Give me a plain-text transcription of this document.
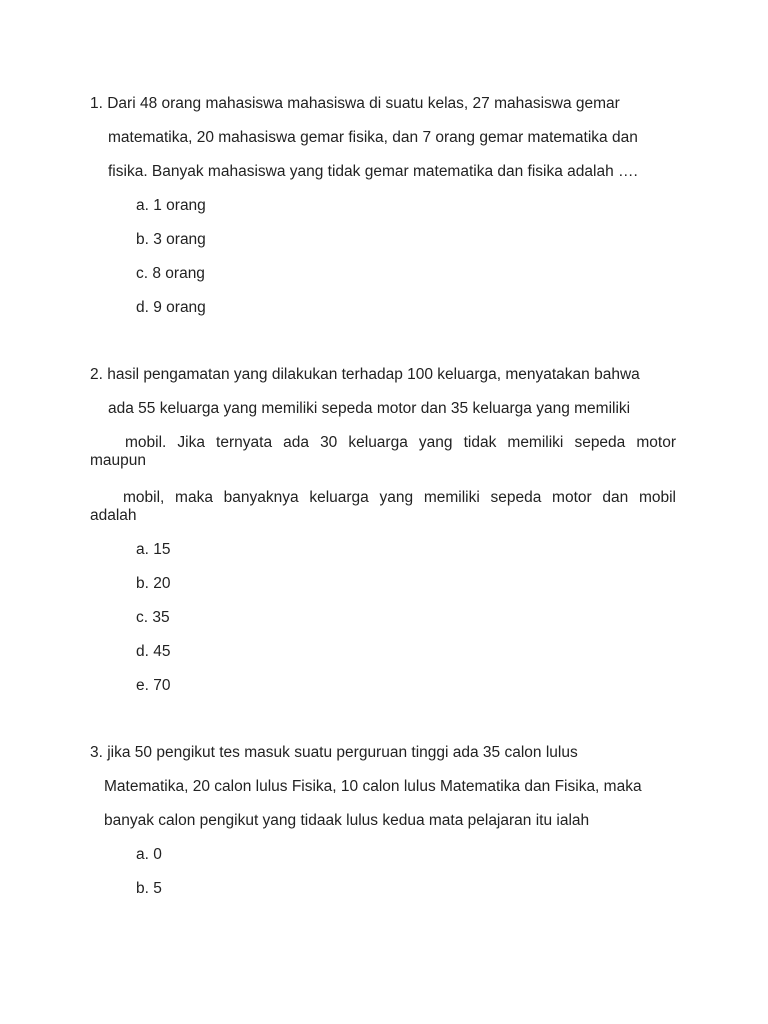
1. Dari 48 orang mahasiswa mahasiswa di suatu kelas, 27 mahasiswa gemar
matematika, 20 mahasiswa gemar fisika, dan 7 orang gemar matematika dan
fisika. Banyak mahasiswa yang tidak gemar matematika dan fisika adalah ….
a. 1 orang
b. 3 orang
c. 8 orang
d. 9 orang
2. hasil pengamatan yang dilakukan terhadap 100 keluarga, menyatakan bahwa
ada 55 keluarga yang memiliki sepeda motor dan 35 keluarga yang memiliki
mobil. Jika ternyata ada 30 keluarga yang tidak memiliki sepeda motor
maupun
mobil, maka banyaknya keluarga yang memiliki sepeda motor dan mobil
adalah
a. 15
b. 20
c. 35
d. 45
e. 70
3. jika 50 pengikut tes masuk suatu perguruan tinggi ada 35 calon lulus
Matematika, 20 calon lulus Fisika, 10 calon lulus Matematika dan Fisika, maka
banyak calon pengikut yang tidaak lulus kedua mata pelajaran itu ialah
a. 0
b. 5
